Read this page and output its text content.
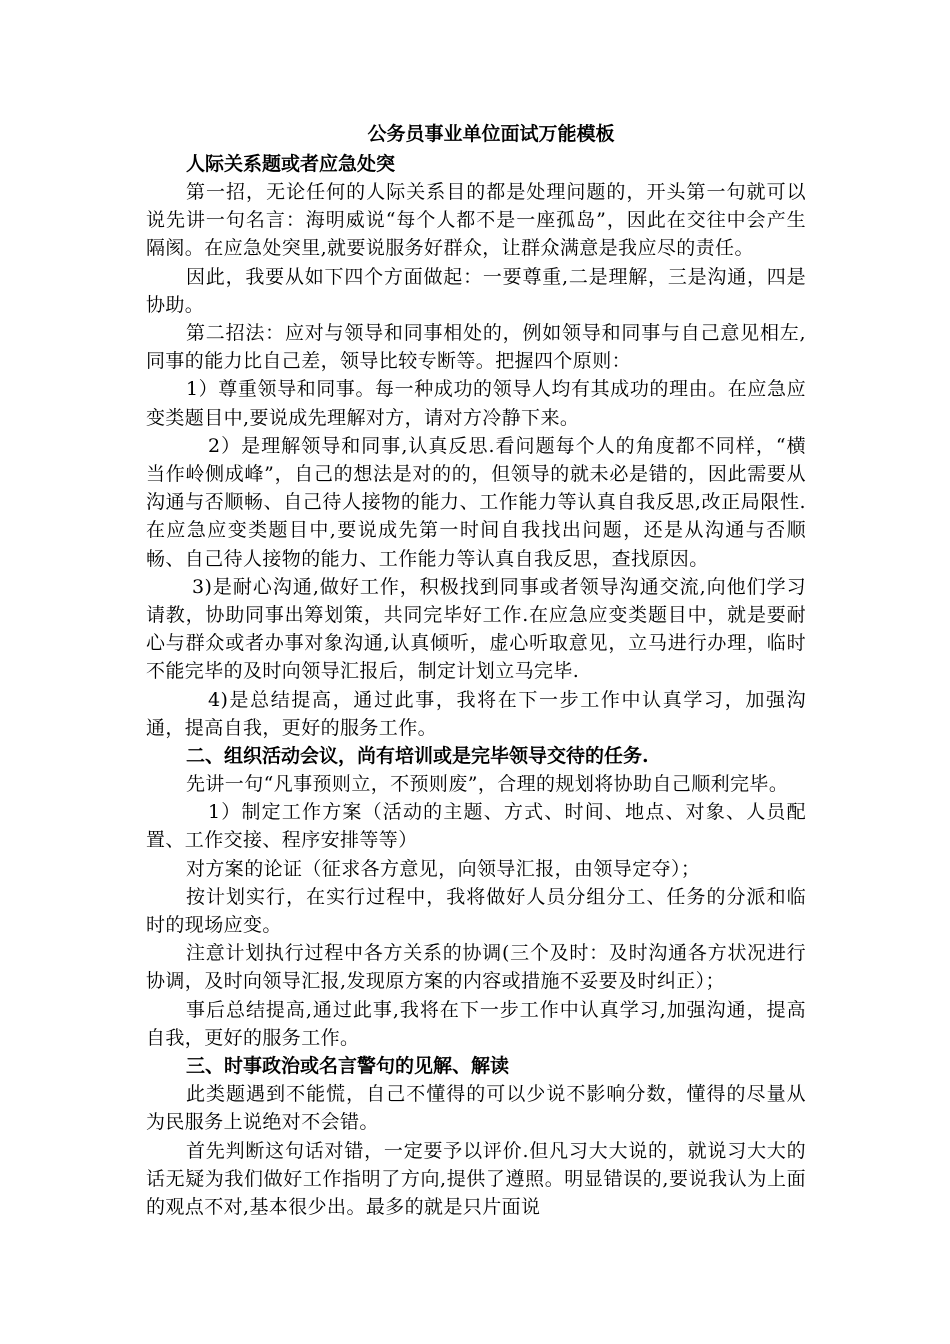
公务员事业单位面试万能模板
人际关系题或者应急处突

第一招，无论任何的人际关系目的都是处理问题的，开头第一句就可以说先讲一句名言：海明威说“每个人都不是一座孤岛”，因此在交往中会产生隔阂。在应急处突里,就要说服务好群众，让群众满意是我应尽的责任。

因此，我要从如下四个方面做起：一要尊重,二是理解，三是沟通，四是协助。

第二招法：应对与领导和同事相处的，例如领导和同事与自己意见相左,同事的能力比自己差，领导比较专断等。把握四个原则：

1）尊重领导和同事。每一种成功的领导人均有其成功的理由。在应急应变类题目中,要说成先理解对方，请对方冷静下来。

2）是理解领导和同事,认真反思.看问题每个人的角度都不同样，“横当作岭侧成峰”，自己的想法是对的的，但领导的就未必是错的，因此需要从沟通与否顺畅、自己待人接物的能力、工作能力等认真自我反思,改正局限性.在应急应变类题目中,要说成先第一时间自我找出问题，还是从沟通与否顺畅、自己待人接物的能力、工作能力等认真自我反思，查找原因。

3)是耐心沟通,做好工作，积极找到同事或者领导沟通交流,向他们学习请教，协助同事出筹划策，共同完毕好工作.在应急应变类题目中，就是要耐心与群众或者办事对象沟通,认真倾听，虚心听取意见，立马进行办理，临时不能完毕的及时向领导汇报后，制定计划立马完毕.

4)是总结提高，通过此事，我将在下一步工作中认真学习，加强沟通，提高自我，更好的服务工作。

二、组织活动会议，尚有培训或是完毕领导交待的任务.

先讲一句“凡事预则立，不预则废”，合理的规划将协助自己顺利完毕。

1）制定工作方案（活动的主题、方式、时间、地点、对象、人员配置、工作交接、程序安排等等）

对方案的论证（征求各方意见，向领导汇报，由领导定夺）；

按计划实行，在实行过程中，我将做好人员分组分工、任务的分派和临时的现场应变。

注意计划执行过程中各方关系的协调(三个及时：及时沟通各方状况进行协调，及时向领导汇报,发现原方案的内容或措施不妥要及时纠正）；

事后总结提高,通过此事,我将在下一步工作中认真学习,加强沟通，提高自我，更好的服务工作。

三、时事政治或名言警句的见解、解读

此类题遇到不能慌，自己不懂得的可以少说不影响分数，懂得的尽量从为民服务上说绝对不会错。

首先判断这句话对错，一定要予以评价.但凡习大大说的，就说习大大的话无疑为我们做好工作指明了方向,提供了遵照。明显错误的,要说我认为上面的观点不对,基本很少出。最多的就是只片面说
